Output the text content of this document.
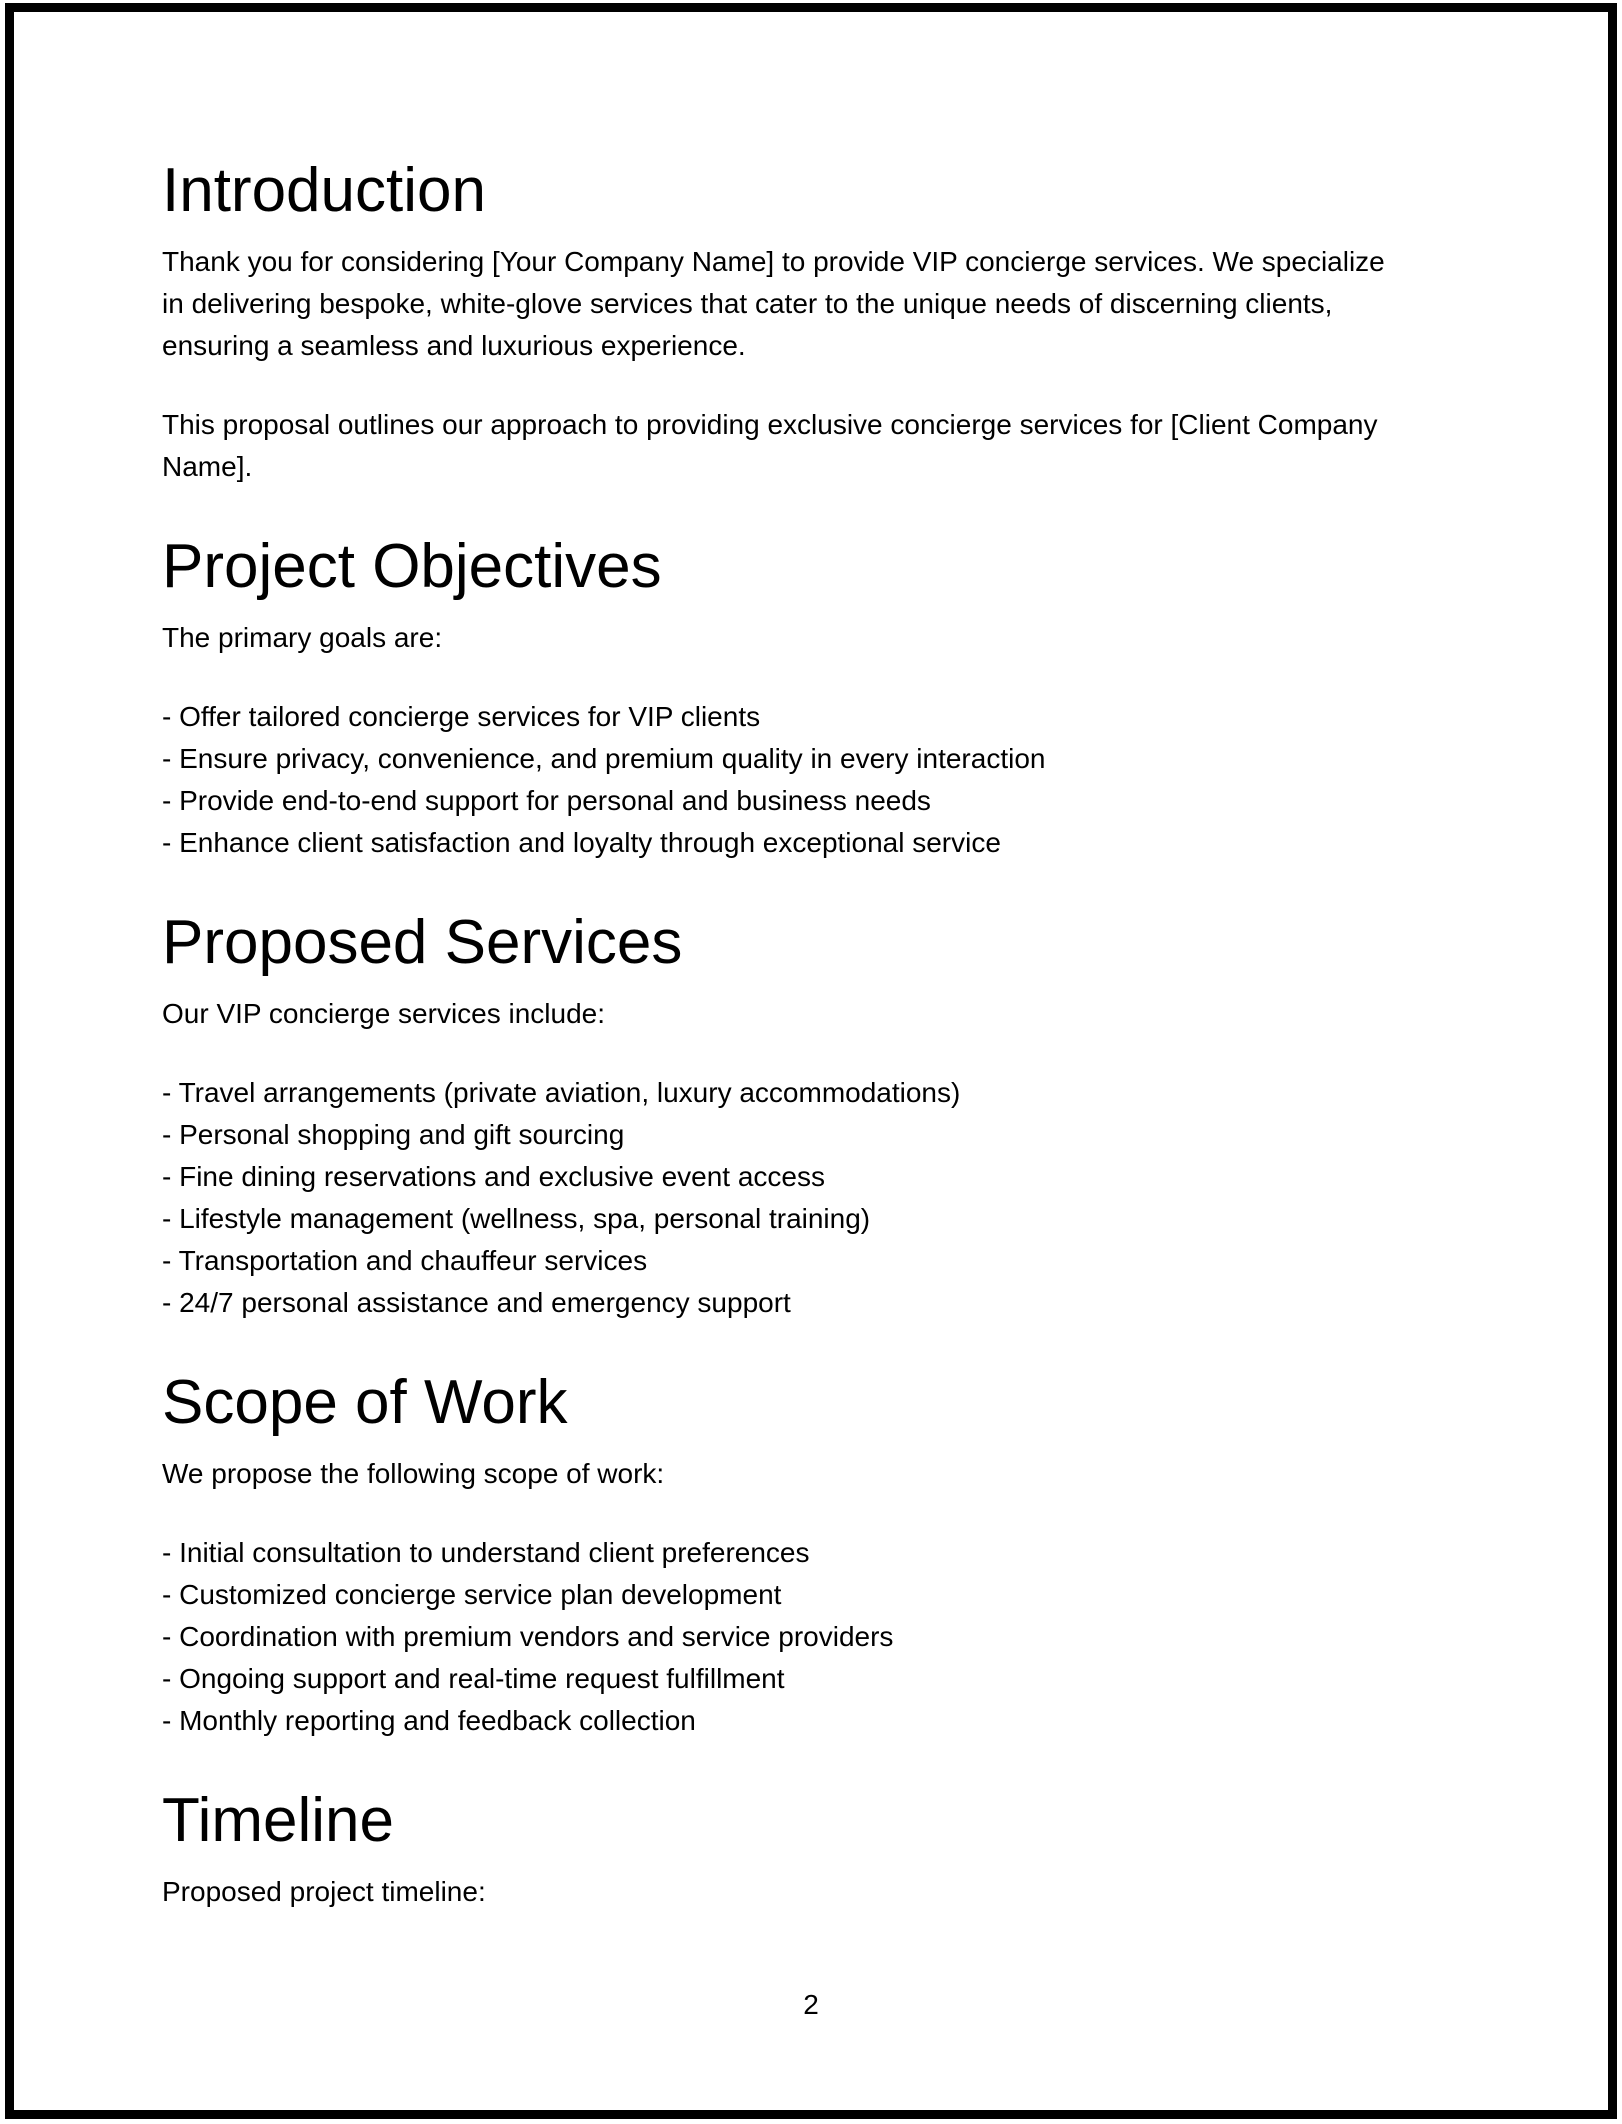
Introduction
Thank you for considering [Your Company Name] to provide VIP concierge services. We specialize in delivering bespoke, white-glove services that cater to the unique needs of discerning clients, ensuring a seamless and luxurious experience.
This proposal outlines our approach to providing exclusive concierge services for [Client Company Name].
Project Objectives
The primary goals are:
- Offer tailored concierge services for VIP clients
- Ensure privacy, convenience, and premium quality in every interaction
- Provide end-to-end support for personal and business needs
- Enhance client satisfaction and loyalty through exceptional service
Proposed Services
Our VIP concierge services include:
- Travel arrangements (private aviation, luxury accommodations)
- Personal shopping and gift sourcing
- Fine dining reservations and exclusive event access
- Lifestyle management (wellness, spa, personal training)
- Transportation and chauffeur services
- 24/7 personal assistance and emergency support
Scope of Work
We propose the following scope of work:
- Initial consultation to understand client preferences
- Customized concierge service plan development
- Coordination with premium vendors and service providers
- Ongoing support and real-time request fulfillment
- Monthly reporting and feedback collection
Timeline
Proposed project timeline:
2
